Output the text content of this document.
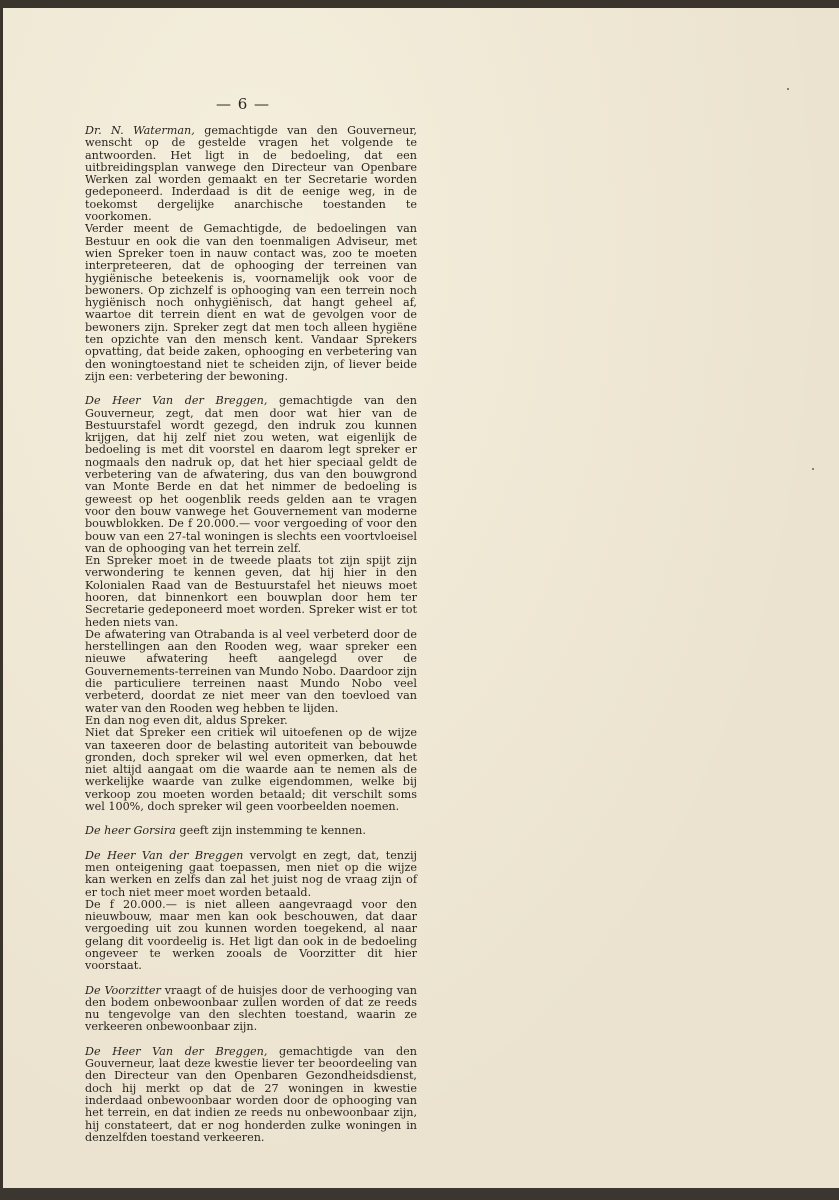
— 6 —

Dr. N. Waterman, gemachtigde van den Gouverneur, wenscht op de gestelde vragen het volgende te antwoorden. Het ligt in de bedoeling, dat een uitbreidingsplan vanwege den Directeur van Openbare Werken zal worden gemaakt en ter Secretarie worden gedeponeerd. Inderdaad is dit de eenige weg, in de toekomst dergelijke anarchische toestanden te voorkomen.

Verder meent de Gemachtigde, de bedoelingen van Bestuur en ook die van den toenmaligen Adviseur, met wien Spreker toen in nauw contact was, zoo te moeten interpreteeren, dat de ophooging der terreinen van hygiënische beteekenis is, voornamelijk ook voor de bewoners. Op zichzelf is ophooging van een terrein noch hygiënisch noch onhygiënisch, dat hangt geheel af, waartoe dit terrein dient en wat de gevolgen voor de bewoners zijn. Spreker zegt dat men toch alleen hygiëne ten opzichte van den mensch kent. Vandaar Sprekers opvatting, dat beide zaken, ophooging en verbetering van den woningtoestand niet te scheiden zijn, of liever beide zijn een: verbetering der bewoning.

De Heer Van der Breggen, gemachtigde van den Gouverneur, zegt, dat men door wat hier van de Bestuurstafel wordt gezegd, den indruk zou kunnen krijgen, dat hij zelf niet zou weten, wat eigenlijk de bedoeling is met dit voorstel en daarom legt spreker er nogmaals den nadruk op, dat het hier speciaal geldt de verbetering van de afwatering, dus van den bouwgrond van Monte Berde en dat het nimmer de bedoeling is geweest op het oogenblik reeds gelden aan te vragen voor den bouw vanwege het Gouvernement van moderne bouwblokken. De f 20.000.— voor vergoeding of voor den bouw van een 27-tal woningen is slechts een voortvloeisel van de ophooging van het terrein zelf.

En Spreker moet in de tweede plaats tot zijn spijt zijn verwondering te kennen geven, dat hij hier in den Kolonialen Raad van de Bestuurstafel het nieuws moet hooren, dat binnenkort een bouwplan door hem ter Secretarie gedeponeerd moet worden. Spreker wist er tot heden niets van.

De afwatering van Otrabanda is al veel verbeterd door de herstellingen aan den Rooden weg, waar spreker een nieuwe afwatering heeft aangelegd over de Gouvernements-terreinen van Mundo Nobo. Daardoor zijn die particuliere terreinen naast Mundo Nobo veel verbeterd, doordat ze niet meer van den toevloed van water van den Rooden weg hebben te lijden.

En dan nog even dit, aldus Spreker.

Niet dat Spreker een critiek wil uitoefenen op de wijze van taxeeren door de belasting autoriteit van bebouwde gronden, doch spreker wil wel even opmerken, dat het niet altijd aangaat om die waarde aan te nemen als de werkelijke waarde van zulke eigendommen, welke bij verkoop zou moeten worden betaald; dit verschilt soms wel 100%, doch spreker wil geen voorbeelden noemen.

De heer Gorsira geeft zijn instemming te kennen.

De Heer Van der Breggen vervolgt en zegt, dat, tenzij men onteigening gaat toepassen, men niet op die wijze kan werken en zelfs dan zal het juist nog de vraag zijn of er toch niet meer moet worden betaald.

De f 20.000.— is niet alleen aangevraagd voor den nieuwbouw, maar men kan ook beschouwen, dat daar vergoeding uit zou kunnen worden toegekend, al naar gelang dit voordeelig is. Het ligt dan ook in de bedoeling ongeveer te werken zooals de Voorzitter dit hier voorstaat.

De Voorzitter vraagt of de huisjes door de verhooging van den bodem onbewoonbaar zullen worden of dat ze reeds nu tengevolge van den slechten toestand, waarin ze verkeeren onbewoonbaar zijn.

De Heer Van der Breggen, gemachtigde van den Gouverneur, laat deze kwestie liever ter beoordeeling van den Directeur van den Openbaren Gezondheidsdienst, doch hij merkt op dat de 27 woningen in kwestie inderdaad onbewoonbaar worden door de ophooging van het terrein, en dat indien ze reeds nu onbewoonbaar zijn, hij constateert, dat er nog honderden zulke woningen in denzelfden toestand verkeeren.
